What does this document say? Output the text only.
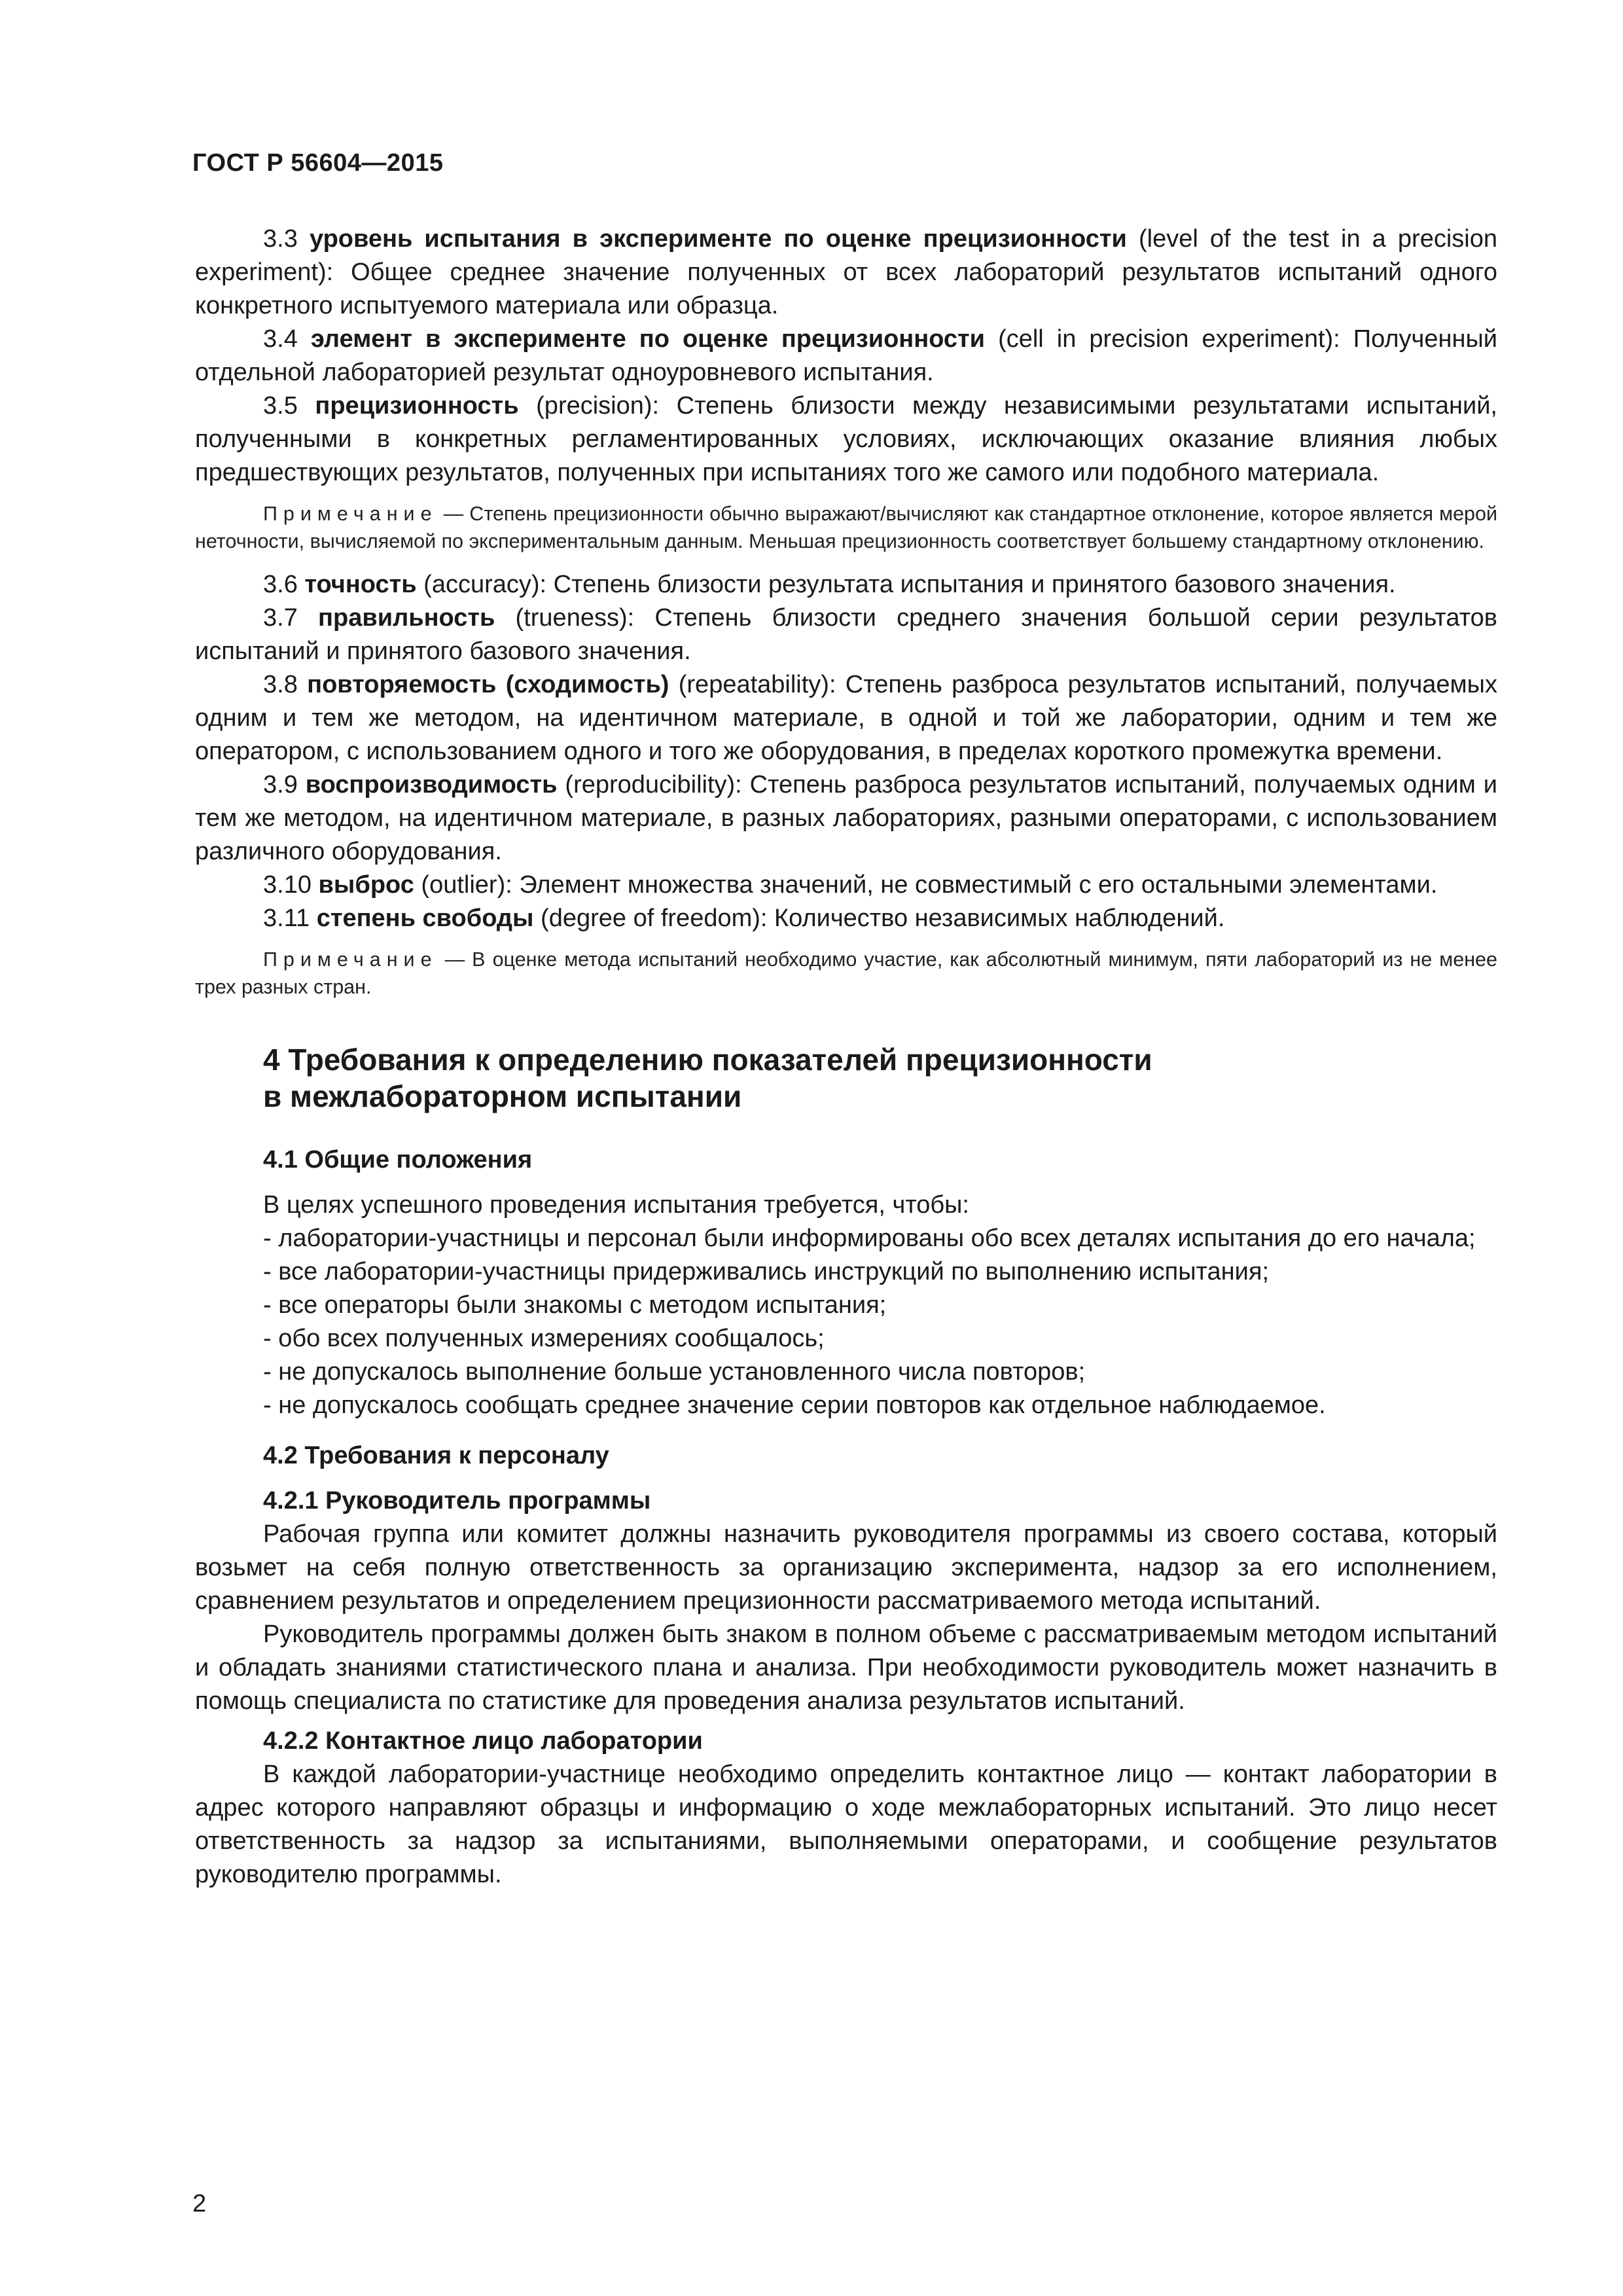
ГОСТ Р 56604—2015

3.3 уровень испытания в эксперименте по оценке прецизионности (level of the test in a precision experiment): Общее среднее значение полученных от всех лабораторий результатов испытаний одного конкретного испытуемого материала или образца.

3.4 элемент в эксперименте по оценке прецизионности (cell in precision experiment): Полученный отдельной лабораторией результат одноуровневого испытания.

3.5 прецизионность (precision): Степень близости между независимыми результатами испытаний, полученными в конкретных регламентированных условиях, исключающих оказание влияния любых предшествующих результатов, полученных при испытаниях того же самого или подобного материала.

Примечание — Степень прецизионности обычно выражают/вычисляют как стандартное отклонение, которое является мерой неточности, вычисляемой по экспериментальным данным. Меньшая прецизионность соответствует большему стандартному отклонению.

3.6 точность (accuracy): Степень близости результата испытания и принятого базового значения.

3.7 правильность (trueness): Степень близости среднего значения большой серии результатов испытаний и принятого базового значения.

3.8 повторяемость (сходимость) (repeatability): Степень разброса результатов испытаний, получаемых одним и тем же методом, на идентичном материале, в одной и той же лаборатории, одним и тем же оператором, с использованием одного и того же оборудования, в пределах короткого промежутка времени.

3.9 воспроизводимость (reproducibility): Степень разброса результатов испытаний, получаемых одним и тем же методом, на идентичном материале, в разных лабораториях, разными операторами, с использованием различного оборудования.

3.10 выброс (outlier): Элемент множества значений, не совместимый с его остальными элементами.

3.11 степень свободы (degree of freedom): Количество независимых наблюдений.

Примечание — В оценке метода испытаний необходимо участие, как абсолютный минимум, пяти лабораторий из не менее трех разных стран.

4 Требования к определению показателей прецизионности
в межлабораторном испытании
4.1 Общие положения

В целях успешного проведения испытания требуется, чтобы:

- лаборатории-участницы и персонал были информированы обо всех деталях испытания до его начала;

- все лаборатории-участницы придерживались инструкций по выполнению испытания;

- все операторы были знакомы с методом испытания;

- обо всех полученных измерениях сообщалось;

- не допускалось выполнение больше установленного числа повторов;

- не допускалось сообщать среднее значение серии повторов как отдельное наблюдаемое.

4.2 Требования к персоналу
4.2.1 Руководитель программы

Рабочая группа или комитет должны назначить руководителя программы из своего состава, который возьмет на себя полную ответственность за организацию эксперимента, надзор за его исполнением, сравнением результатов и определением прецизионности рассматриваемого метода испытаний.

Руководитель программы должен быть знаком в полном объеме с рассматриваемым методом испытаний и обладать знаниями статистического плана и анализа. При необходимости руководитель может назначить в помощь специалиста по статистике для проведения анализа результатов испытаний.

4.2.2 Контактное лицо лаборатории

В каждой лаборатории-участнице необходимо определить контактное лицо — контакт лаборатории в адрес которого направляют образцы и информацию о ходе межлабораторных испытаний. Это лицо несет ответственность за надзор за испытаниями, выполняемыми операторами, и сообщение результатов руководителю программы.

2
